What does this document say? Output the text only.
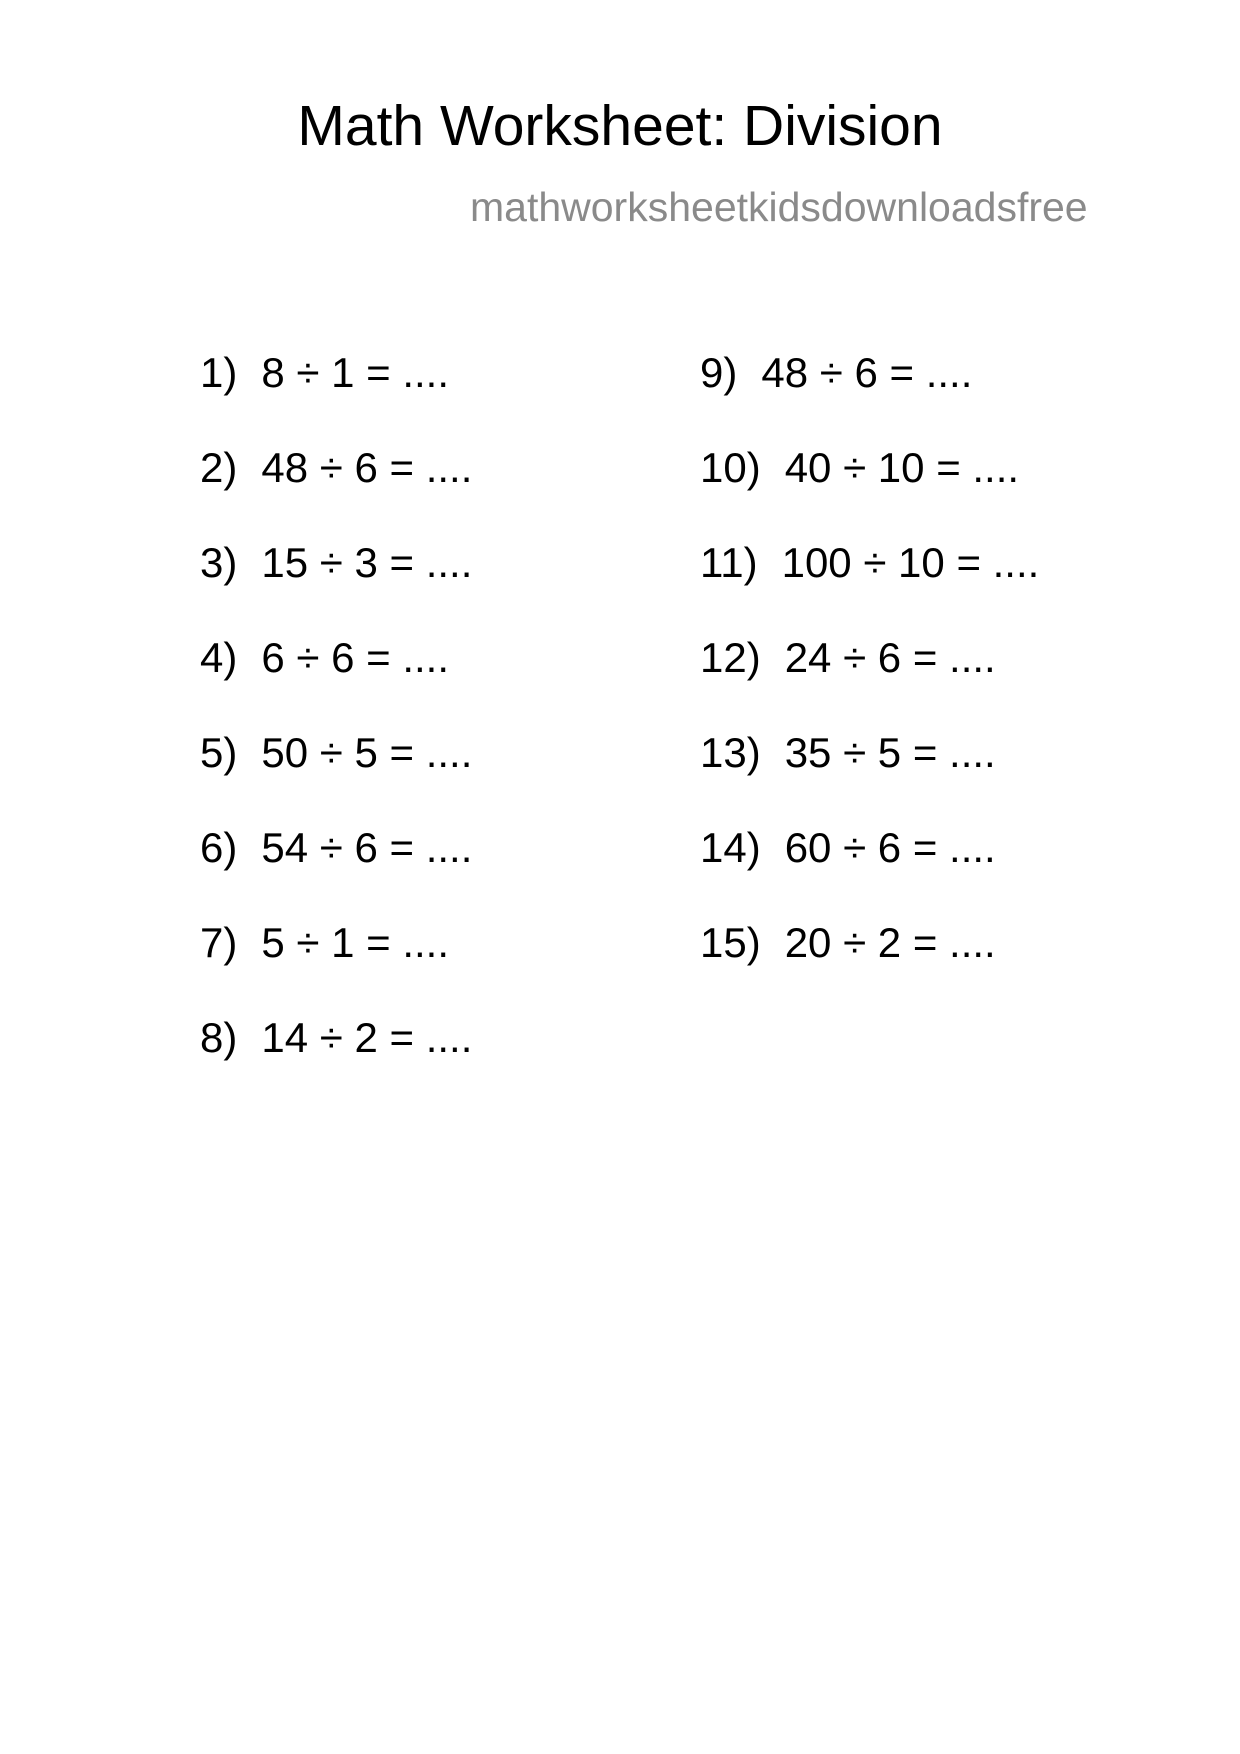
Math Worksheet: Division
mathworksheetkidsdownloadsfree
1) 8 ÷ 1 = ....
2) 48 ÷ 6 = ....
3) 15 ÷ 3 = ....
4) 6 ÷ 6 = ....
5) 50 ÷ 5 = ....
6) 54 ÷ 6 = ....
7) 5 ÷ 1 = ....
8) 14 ÷ 2 = ....
9) 48 ÷ 6 = ....
10) 40 ÷ 10 = ....
11) 100 ÷ 10 = ....
12) 24 ÷ 6 = ....
13) 35 ÷ 5 = ....
14) 60 ÷ 6 = ....
15) 20 ÷ 2 = ....
